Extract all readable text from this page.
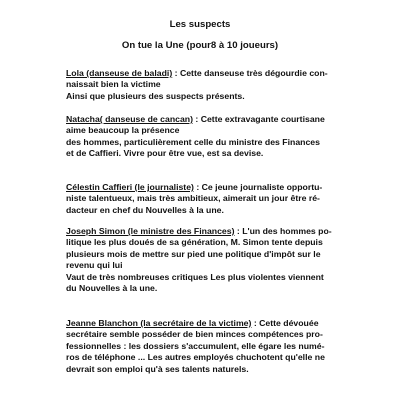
Les suspects
On tue la Une (pour8 à 10 joueurs)
Lola (danseuse de baladi) : Cette danseuse très dégourdie con-
naissait bien la victime
Ainsi que plusieurs des suspects présents.
Natacha( danseuse de cancan) : Cette extravagante courtisane
aime beaucoup la présence
des hommes, particulièrement celle du ministre des Finances
et de Caffieri. Vivre pour être vue, est sa devise.
Célestin Caffieri (le journaliste) : Ce jeune journaliste opportu-
niste talentueux, mais très ambitieux, aimerait un jour être ré-
dacteur en chef du Nouvelles à la une.
Joseph Simon (le ministre des Finances) : L'un des hommes po-
litique les plus doués de sa génération, M. Simon tente depuis
plusieurs mois de mettre sur pied une politique d'impôt sur le
revenu qui lui
Vaut de très nombreuses critiques Les plus violentes viennent
du Nouvelles à la une.
Jeanne Blanchon (la secrétaire de la victime) : Cette dévouée
secrétaire semble posséder de bien minces compétences pro-
fessionnelles : les dossiers s'accumulent, elle égare les numé-
ros de téléphone ... Les autres employés chuchotent qu'elle ne
devrait son emploi qu'à ses talents naturels.
